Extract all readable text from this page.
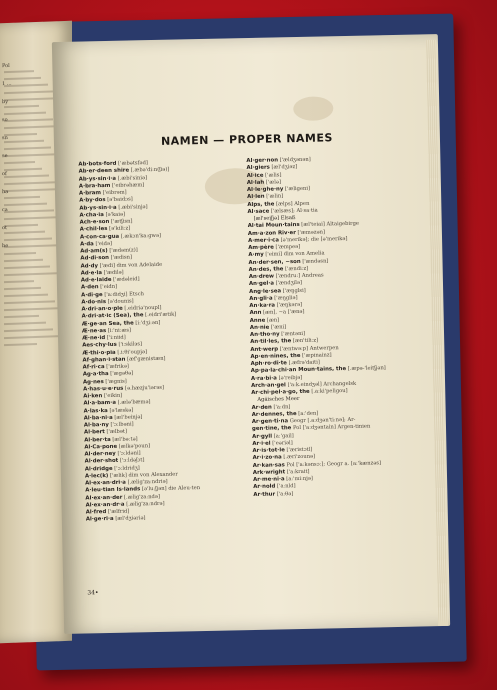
Pol
1 ...
by
so
sn
se
of
ha
ca
ot
be
NAMEN — PROPER NAMES
Ab·bots·ford ['æbətsfəd]
Ab·er·deen shire [.æbə'diːn(ʃiə)]
Ab·ys·sin·i·a [.æbi'siniə]
A·bra·ham ['eibrəhæm]
A·bram ['eibrəm]
A·by·dos [ə'baidɔs]
Ab·ys·sin·i·a [.æbi'sinjə]
A·cha·ia [ə'kaiə]
Ach·e·son ['ætʃisn]
A·chil·les [ə'kiliːz]
A·con·ca·gua [.ækɔn'kaːgwə]
A·da ['eidə]
Ad·am(s) ['ædəm(z)]
Ad·di·son ['ædisn]
Ad·dy ['ædi] dim von Adelaide
Ad·e·la ['ædilə]
Ad·e·laide ['ædəleid]
A·den ['eidn]
A·di·ge ['aːdidʒi] Etsch
A·do·nis [ə'dounis]
A·dri·an·o·ple [.eidriə'noupl]
A·dri·at·ic (Sea), the [.eidri'ætik]
Æ·ge·an Sea, the [iː'dʒiːən]
Æ·ne·as [iː'niːæs]
Æ·ne·id ['iːniid]
Aes·chy·lus ['iːskilэs]
Æ·thi·o·pia [.iːθi'oupjə]
Af·ghan·i·stan [æf'gænistæn]
Af·ri·ca ['æfrikə]
Ag·a·tha ['ægəθə]
Ag·nes ['ægnis]
A·has·u·e·rus [ə.hæzju'iərəs]
Ai·ken ['eikin]
Al·a·bam·a [.ælə'bæmə]
A·las·ka [ə'læskə]
Al·ba·ni·a [æl'beinjə]
Al·ba·ny ['ɔːlbəni]
Al·bert ['ælbət]
Al·ber·ta [æl'bəːtə]
Al·Ca·pone [ælkə'poun]
Al·der·ney ['ɔːldəni]
Al·der·shot ['ɔːldəʃɔt]
Al·dridge ['ɔːldridʒ]
A·lec(k) ['ælik] dim von Alexander
Al·ex·an·dri·a [.ælig'zaːndriə]
A·leu·tian Is·lands [ə'luːʃjən] die Aleu-ten
Al·ex·an·der [.ælig'zaːndə]
Al·ex·an·dr·a [.ælig'zaːndrə]
Al·fred ['ælfrid]
Al·ge·ri·a [æl'dʒiəriə]
Al·ger·non ['ældʒənən]
Al·giers [æl'dʒiəz]
Al·ice ['ælis]
Al·lah ['ælə]
Al·le·ghe·ny ['æligeni]
Al·len ['ælin]
Alps, the [ælps] Alpen
Al·sace ['ælsæs]; Al·sa·tia
[æl'seiʃjə] Elsaß
Al·tai Moun·tains [æl'teiai] Altaigebirge
Am·a·zon Riv·er ['æməzən]
A·mer·i·ca [ə'merikə]; die [ə'merikə]
Am·père ['æmpeə]
A·my ['eimi] dim von Amelia
An·der·sen, ~son ['ændəsn]
An·des, the ['ændiːz]
An·drew ['ændruː] Andreas
An·gel·a ['ændʒilə]
Ang·le·sea ['æŋglsi]
An·gli·a ['æŋgliə]
An·ka·ra ['æŋkərə]
Ann [æn], ~a ['ænə]
Anne [æn]
An·nie ['æni]
An·tho·ny ['æntəni]
An·til·les, the [æn'tiliːz]
Ant·werp ['æntwəːp] Antwerpen
Ap·en·nines, the ['æpinainz]
Aph·ro·di·te [.æfrə'daiti]
Ap·pa·la·chi·an Moun·tains, the [.æpə-'leitʃjən]
A·ra·bi·a [ə'reibjə]
Arch·an·gel ['aːk.eindʒəl] Archangelsk
Ar·chi·pel·a·go, the [.aːki'peligou]
Ägäisches Meer
Ar·den ['aːdn]
Ar·dennes, the [aː'den]
Ar·gen·ti·na Geogr [.aːdʒən'tiːnə]; Ar-
gen·tine, the Pol ['aːdʒəntain] Argen-tinien
Ar·gyll [aː'gail]
Ar·i·el ['eəriəl]
Ar·is·tot·le ['æristɔtl]
Ar·i·zo·na [.æri'zounə]
Ar·kan·sas Pol ['aːkənsɔː]; Geogr a. [aː'kænzəs]
Ark·wright ['aːkrait]
Ar·me·ni·a [aː'miːnjə]
Ar·nold ['aːnld]
Ar·thur ['aːθə]
34•
